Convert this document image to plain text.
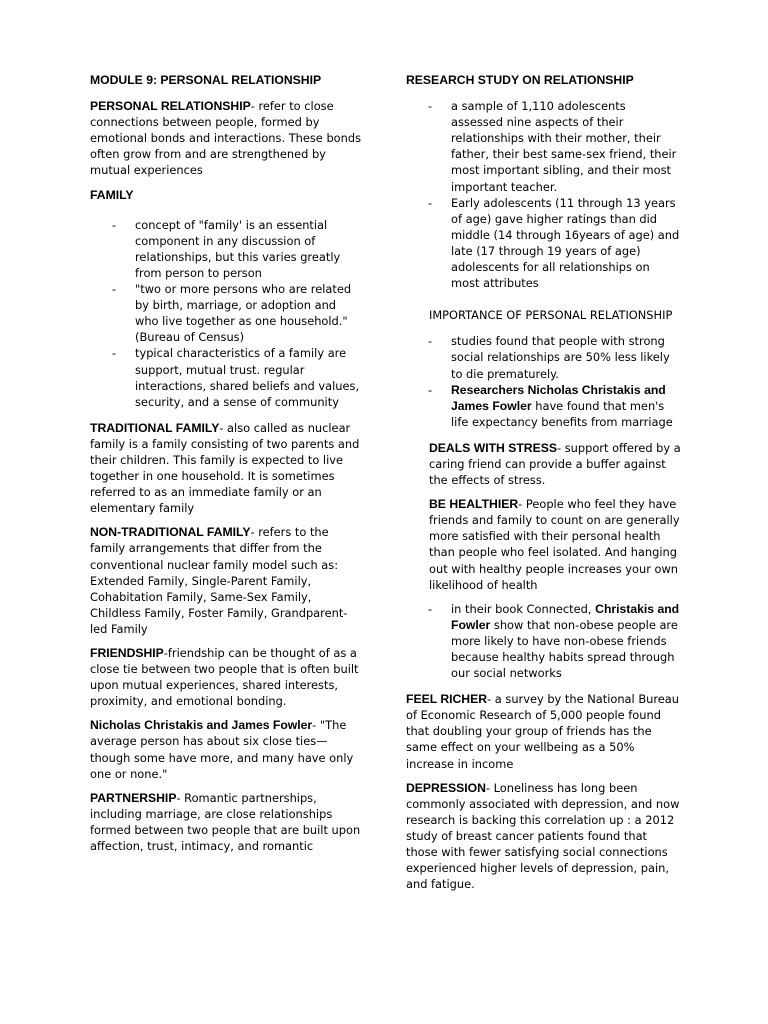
MODULE 9: PERSONAL RELATIONSHIP
PERSONAL RELATIONSHIP- refer to close connections between people, formed by emotional bonds and interactions. These bonds often grow from and are strengthened by mutual experiences
FAMILY
- concept of "family' is an essential component in any discussion of relationships, but this varies greatly from person to person
- "two or more persons who are related by birth, marriage, or adoption and who live together as one household." (Bureau of Census)
- typical characteristics of a family are support, mutual trust. regular interactions, shared beliefs and values, security, and a sense of community
TRADITIONAL FAMILY- also called as nuclear family is a family consisting of two parents and their children. This family is expected to live together in one household. It is sometimes referred to as an immediate family or an elementary family
NON-TRADITIONAL FAMILY- refers to the family arrangements that differ from the conventional nuclear family model such as: Extended Family, Single-Parent Family, Cohabitation Family, Same-Sex Family, Childless Family, Foster Family, Grandparent-led Family
FRIENDSHIP-friendship can be thought of as a close tie between two people that is often built upon mutual experiences, shared interests, proximity, and emotional bonding.
Nicholas Christakis and James Fowler- "The average person has about six close ties—though some have more, and many have only one or none."
PARTNERSHIP- Romantic partnerships, including marriage, are close relationships formed between two people that are built upon affection, trust, intimacy, and romantic
RESEARCH STUDY ON RELATIONSHIP
- a sample of 1,110 adolescents assessed nine aspects of their relationships with their mother, their father, their best same-sex friend, their most important sibling, and their most important teacher.
- Early adolescents (11 through 13 years of age) gave higher ratings than did middle (14 through 16years of age) and late (17 through 19 years of age) adolescents for all relationships on most attributes
IMPORTANCE OF PERSONAL RELATIONSHIP
- studies found that people with strong social relationships are 50% less likely to die prematurely.
- Researchers Nicholas Christakis and James Fowler have found that men's life expectancy benefits from marriage
DEALS WITH STRESS- support offered by a caring friend can provide a buffer against the effects of stress.
BE HEALTHIER- People who feel they have friends and family to count on are generally more satisfied with their personal health than people who feel isolated. And hanging out with healthy people increases your own likelihood of health
- in their book Connected, Christakis and Fowler show that non-obese people are more likely to have non-obese friends because healthy habits spread through our social networks
FEEL RICHER- a survey by the National Bureau of Economic Research of 5,000 people found that doubling your group of friends has the same effect on your wellbeing as a 50% increase in income
DEPRESSION- Loneliness has long been commonly associated with depression, and now research is backing this correlation up : a 2012 study of breast cancer patients found that those with fewer satisfying social connections experienced higher levels of depression, pain, and fatigue.
